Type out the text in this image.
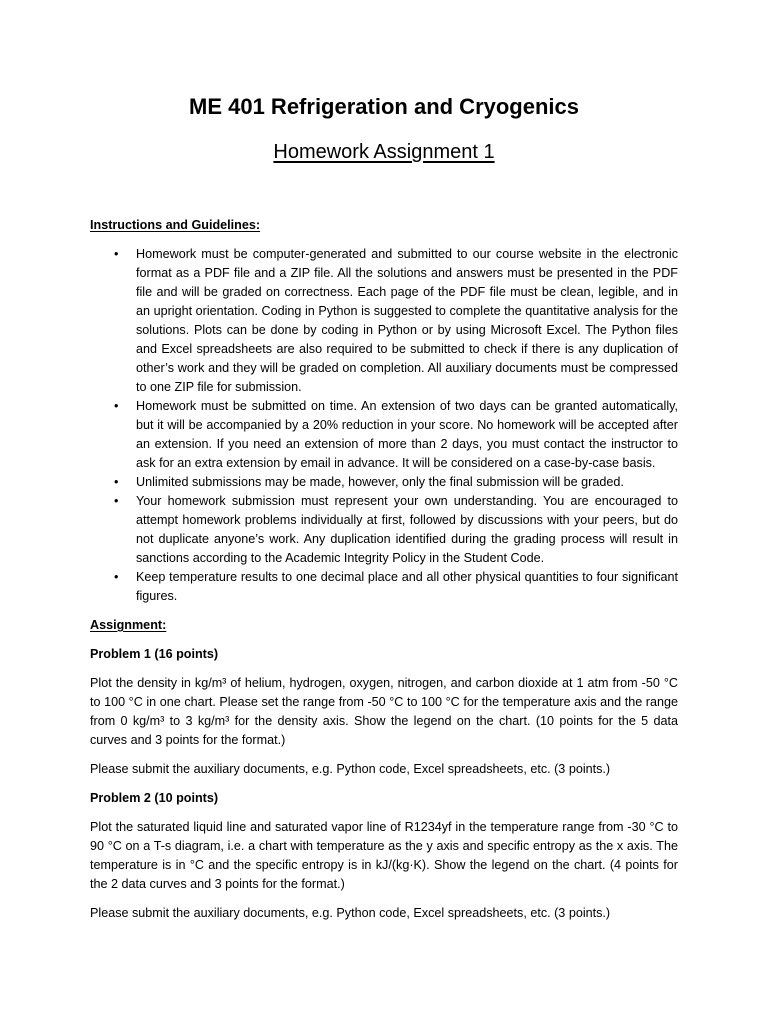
ME 401 Refrigeration and Cryogenics
Homework Assignment 1

Instructions and Guidelines:

• Homework must be computer-generated and submitted to our course website in the electronic format as a PDF file and a ZIP file. All the solutions and answers must be presented in the PDF file and will be graded on correctness. Each page of the PDF file must be clean, legible, and in an upright orientation. Coding in Python is suggested to complete the quantitative analysis for the solutions. Plots can be done by coding in Python or by using Microsoft Excel. The Python files and Excel spreadsheets are also required to be submitted to check if there is any duplication of other’s work and they will be graded on completion. All auxiliary documents must be compressed to one ZIP file for submission.
• Homework must be submitted on time. An extension of two days can be granted automatically, but it will be accompanied by a 20% reduction in your score. No homework will be accepted after an extension. If you need an extension of more than 2 days, you must contact the instructor to ask for an extra extension by email in advance. It will be considered on a case-by-case basis.
• Unlimited submissions may be made, however, only the final submission will be graded.
• Your homework submission must represent your own understanding. You are encouraged to attempt homework problems individually at first, followed by discussions with your peers, but do not duplicate anyone’s work. Any duplication identified during the grading process will result in sanctions according to the Academic Integrity Policy in the Student Code.
• Keep temperature results to one decimal place and all other physical quantities to four significant figures.

Assignment:

Problem 1 (16 points)

Plot the density in kg/m³ of helium, hydrogen, oxygen, nitrogen, and carbon dioxide at 1 atm from -50 °C to 100 °C in one chart. Please set the range from -50 °C to 100 °C for the temperature axis and the range from 0 kg/m³ to 3 kg/m³ for the density axis. Show the legend on the chart. (10 points for the 5 data curves and 3 points for the format.)

Please submit the auxiliary documents, e.g. Python code, Excel spreadsheets, etc. (3 points.)

Problem 2 (10 points)

Plot the saturated liquid line and saturated vapor line of R1234yf in the temperature range from -30 °C to 90 °C on a T-s diagram, i.e. a chart with temperature as the y axis and specific entropy as the x axis. The temperature is in °C and the specific entropy is in kJ/(kg·K). Show the legend on the chart. (4 points for the 2 data curves and 3 points for the format.)

Please submit the auxiliary documents, e.g. Python code, Excel spreadsheets, etc. (3 points.)
